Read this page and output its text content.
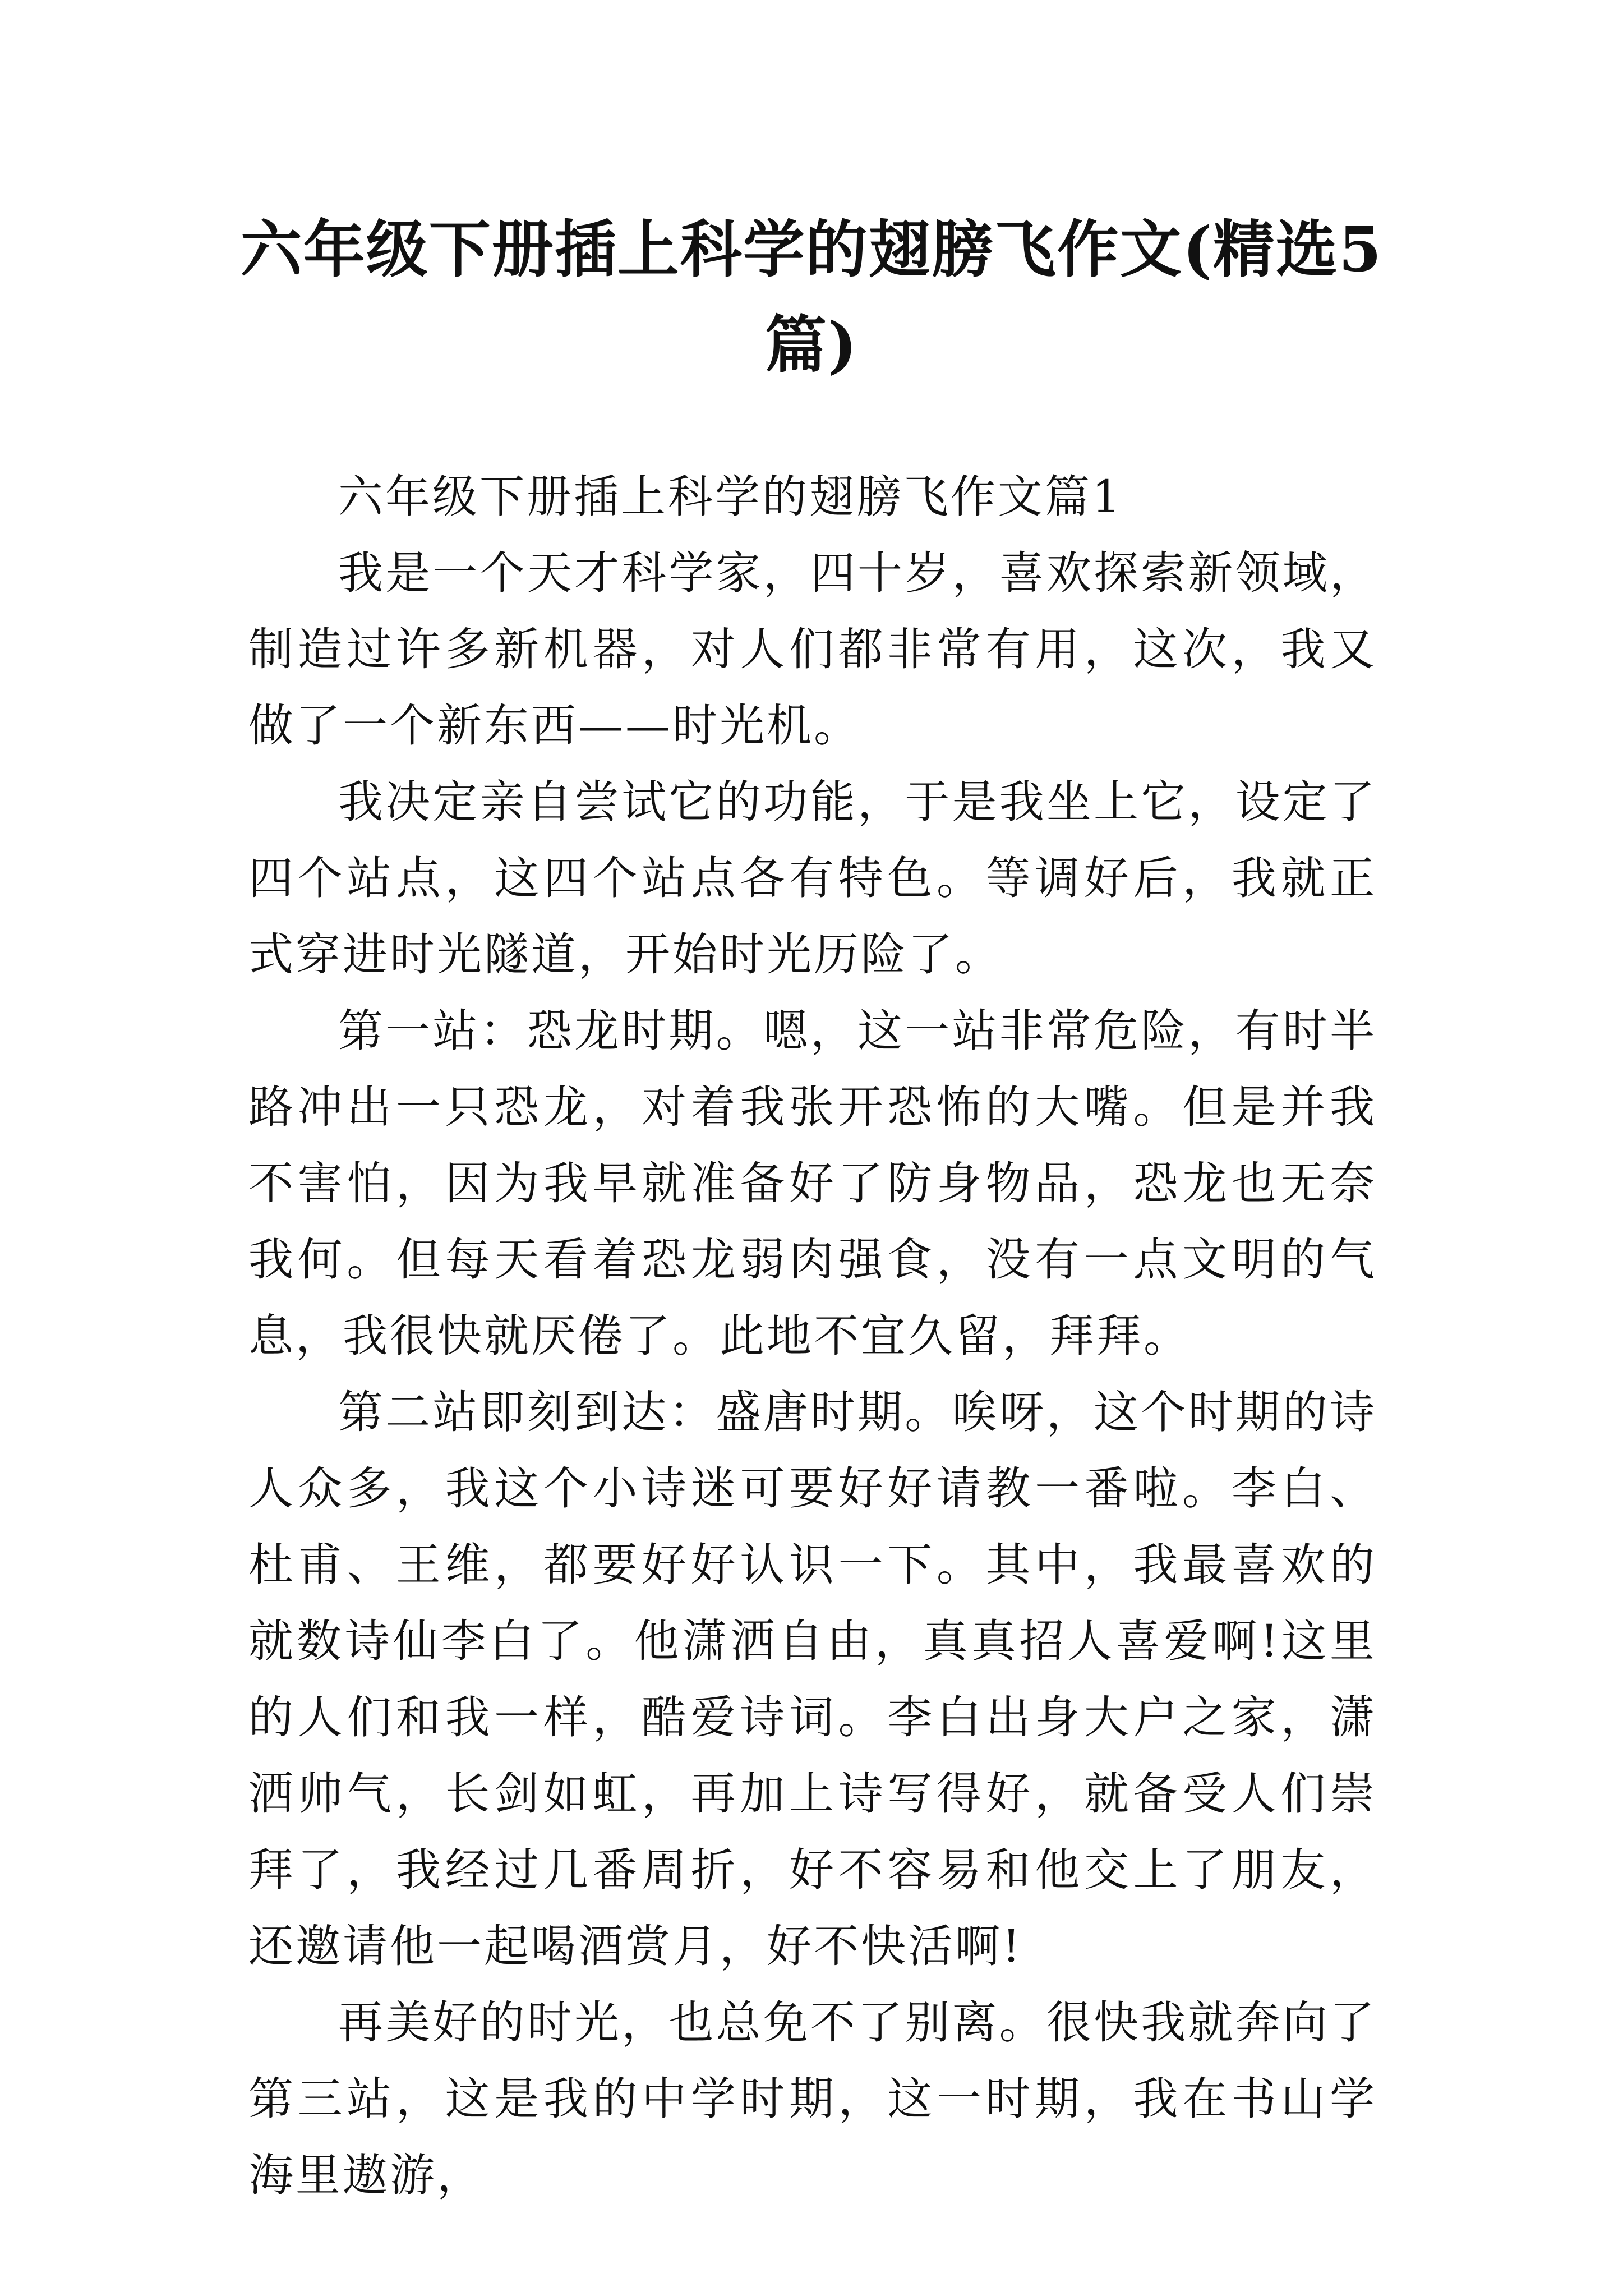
六年级下册插上科学的翅膀飞作文(精选5篇)

六年级下册插上科学的翅膀飞作文篇1

我是一个天才科学家，四十岁，喜欢探索新领域，制造过许多新机器，对人们都非常有用，这次，我又做了一个新东西——时光机。

我决定亲自尝试它的功能，于是我坐上它，设定了四个站点，这四个站点各有特色。等调好后，我就正式穿进时光隧道，开始时光历险了。

第一站：恐龙时期。嗯，这一站非常危险，有时半路冲出一只恐龙，对着我张开恐怖的大嘴。但是并我不害怕，因为我早就准备好了防身物品，恐龙也无奈我何。但每天看着恐龙弱肉强食，没有一点文明的气息，我很快就厌倦了。此地不宜久留，拜拜。

第二站即刻到达：盛唐时期。唉呀，这个时期的诗人众多，我这个小诗迷可要好好请教一番啦。李白、杜甫、王维，都要好好认识一下。其中，我最喜欢的就数诗仙李白了。他潇洒自由，真真招人喜爱啊!这里的人们和我一样，酷爱诗词。李白出身大户之家，潇洒帅气，长剑如虹，再加上诗写得好，就备受人们崇拜了，我经过几番周折，好不容易和他交上了朋友，还邀请他一起喝酒赏月，好不快活啊!

再美好的时光，也总免不了别离。很快我就奔向了第三站，这是我的中学时期，这一时期，我在书山学海里遨游，
